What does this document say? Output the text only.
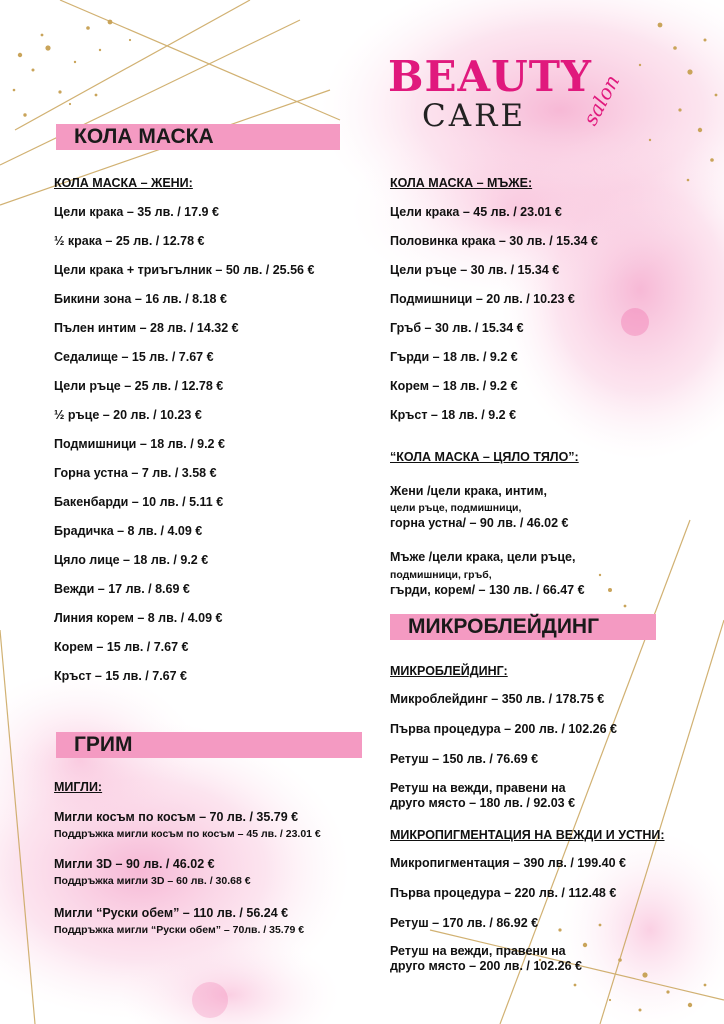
BEAUTY
CARE	salon
КОЛА МАСКА
ГРИМ
МИКРОБЛЕЙДИНГ
КОЛА МАСКА – ЖЕНИ:
Цели крака – 35 лв. / 17.9 €
½ крака – 25 лв. / 12.78 €
Цели крака + триъгълник – 50 лв. / 25.56 €
Бикини зона – 16 лв. / 8.18 €
Пълен интим – 28 лв. / 14.32 €
Седалище – 15 лв. / 7.67 €
Цели ръце – 25 лв. / 12.78 €
½ ръце – 20 лв. / 10.23 €
Подмишници – 18 лв. / 9.2 €
Горна устна – 7 лв. / 3.58 €
Бакенбарди – 10 лв. / 5.11 €
Брадичка – 8 лв. / 4.09 €
Цяло лице – 18 лв. / 9.2 €
Вежди – 17 лв. / 8.69 €
Линия корем – 8 лв. / 4.09 €
Корем – 15 лв. / 7.67 €
Кръст – 15 лв. / 7.67 €
МИГЛИ:
Мигли косъм по косъм – 70 лв. / 35.79 €
Поддръжка мигли косъм по косъм – 45 лв. / 23.01 €
Мигли 3D – 90 лв. / 46.02 €
Поддръжка мигли 3D – 60 лв. / 30.68 €
Мигли “Руски обем” – 110 лв. / 56.24 €
Поддръжка мигли “Руски обем” – 70лв. / 35.79 €
КОЛА МАСКА – МЪЖЕ:
Цели крака – 45 лв. / 23.01 €
Половинка крака – 30 лв. / 15.34 €
Цели ръце – 30 лв. / 15.34 €
Подмишници – 20 лв. / 10.23 €
Гръб – 30 лв. / 15.34 €
Гърди – 18 лв. / 9.2 €
Корем – 18 лв. / 9.2 €
Кръст – 18 лв. / 9.2 €
“КОЛА МАСКА – ЦЯЛО ТЯЛО”:
Жени /цели крака, интим,
цели ръце, подмишници,
горна устна/ – 90 лв. / 46.02 €
Мъже /цели крака, цели ръце,
подмишници, гръб,
гърди, корем/ – 130 лв. / 66.47 €
МИКРОБЛЕЙДИНГ:
Микроблейдинг – 350 лв. / 178.75 €
Първа процедура – 200 лв. / 102.26 €
Ретуш – 150 лв. / 76.69 €
Ретуш на вежди, правени на
друго място – 180 лв. / 92.03 €
МИКРОПИГМЕНТАЦИЯ НА ВЕЖДИ И УСТНИ:
Микропигментация – 390 лв. / 199.40 €
Първа процедура – 220 лв. / 112.48 €
Ретуш – 170 лв. / 86.92 €
Ретуш на вежди, правени на
друго място – 200 лв. / 102.26 €
